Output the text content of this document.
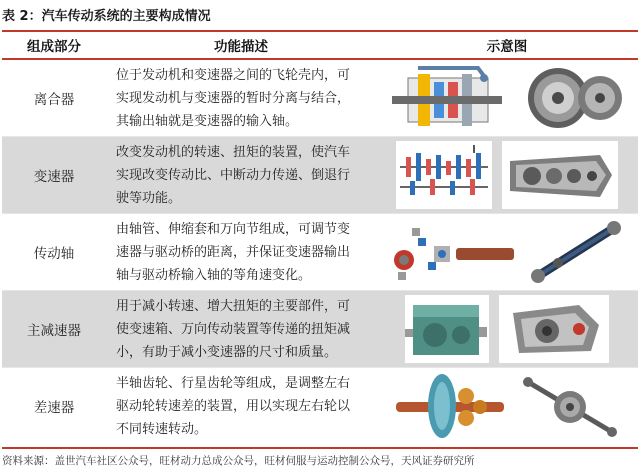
表 2：汽车传动系统的主要构成情况
组成部分	功能描述	示意图
离合器	位于发动机和变速器之间的飞轮壳内，可
实现发动机与变速器的暂时分离与结合，
其输出轴就是变速器的输入轴。

变速器	改变发动机的转速、扭矩的装置，使汽车
实现改变传动比、中断动力传递、倒退行
驶等功能。

传动轴	由轴管、伸缩套和万向节组成，可调节变
速器与驱动桥的距离，并保证变速器输出
轴与驱动桥输入轴的等角速变化。

主减速器	用于减小转速、增大扭矩的主要部件，可
使变速箱、万向传动装置等传递的扭矩减
小，有助于减小变速器的尺寸和质量。

差速器	半轴齿轮、行星齿轮等组成，是调整左右
驱动轮转速差的装置，用以实现左右轮以
不同转速转动。

资料来源：盖世汽车社区公众号，旺材动力总成公众号，旺材伺服与运动控制公众号，天风证券研究所
